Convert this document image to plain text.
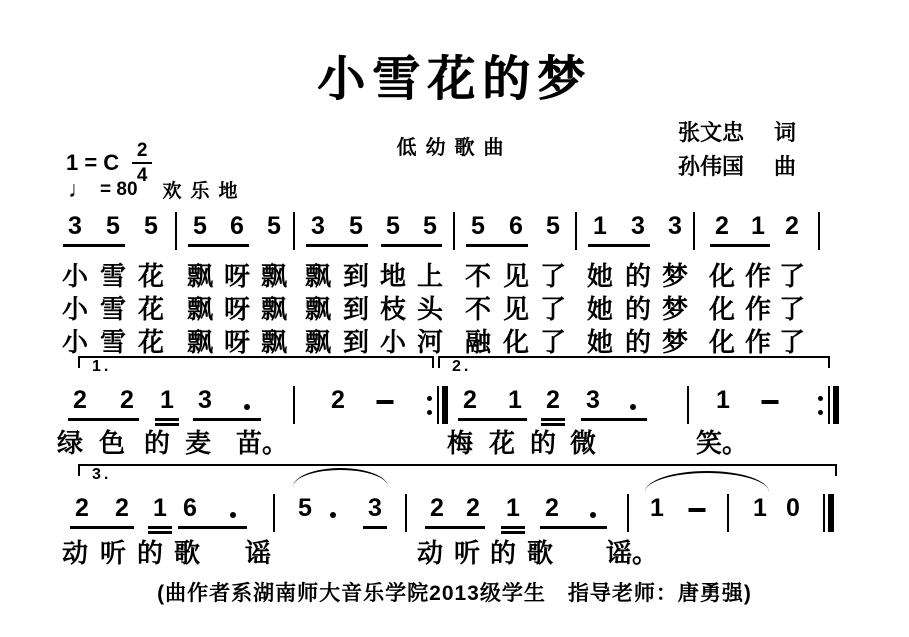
小雪花的梦
低幼歌曲
张文忠 词
孙伟国 曲
1 = C $\frac{2}{4}$
♩ = 80 欢乐地
3 5 5 5 6 5 3 5 5 5 5 6 5 1 3 3 2 1 2
小 雪 花 飘 呀 飘 飘 到 地 上 不 见 了 她 的 梦 化 作 了
小 雪 花 飘 呀 飘 飘 到 枝 头 不 见 了 她 的 梦 化 作 了
小 雪 花 飘 呀 飘 飘 到 小 河 融 化 了 她 的 梦 化 作 了
2 2 1 3	2	2 1 2 3	1
1.	2.
绿 色 的 麦 苗。	梅 花 的 微	笑。
2 2 1 6	5 3 2 2 1 2	1	1 0
3.
动 听 的 歌 谣	动 听 的 歌 谣。
(曲作者系湖南师大音乐学院2013级学生　指导老师：唐勇强)
